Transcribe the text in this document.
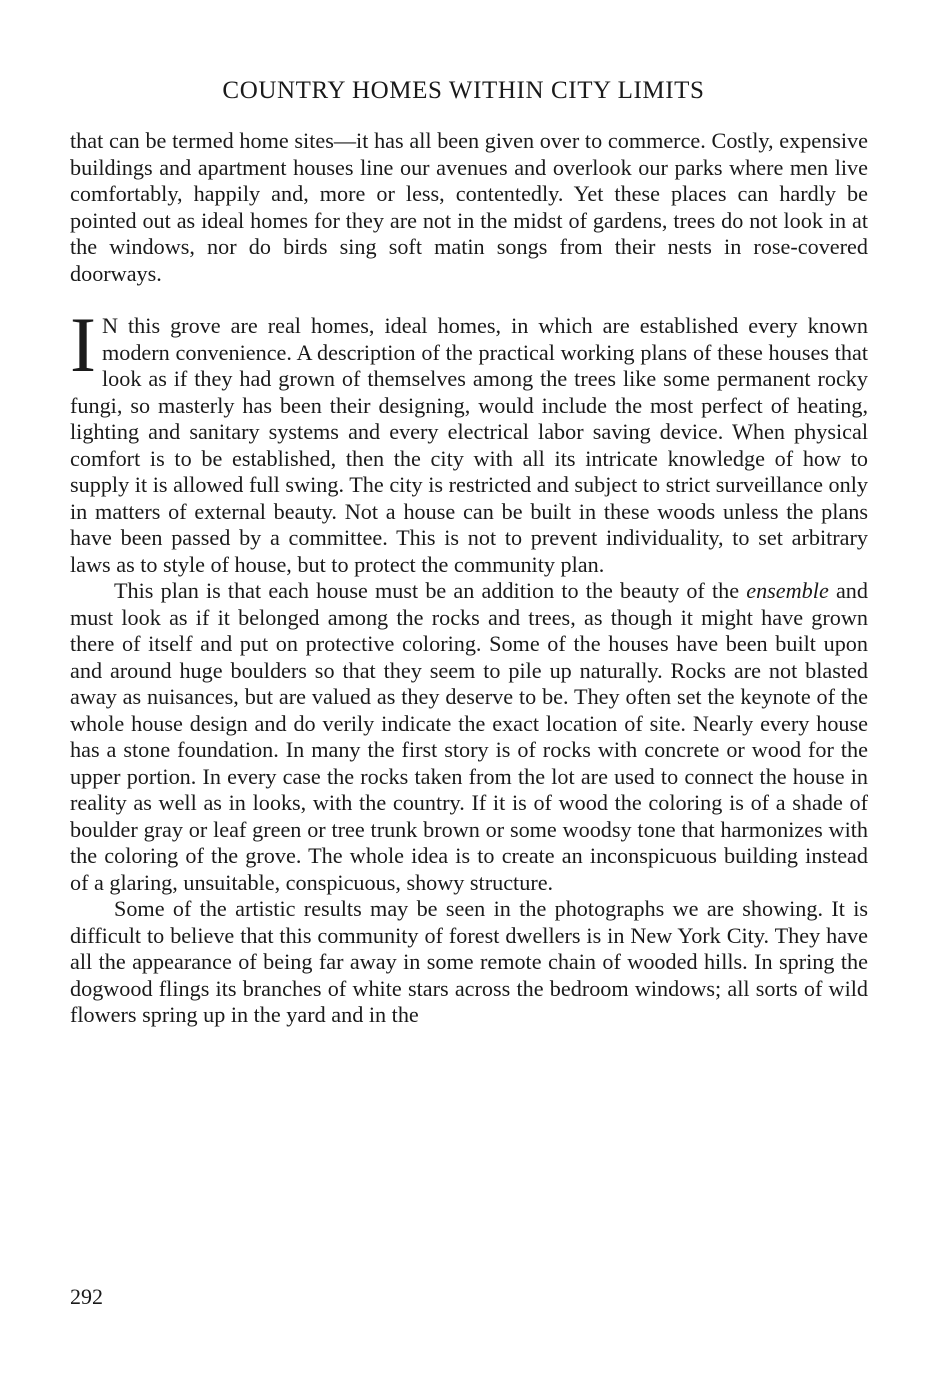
COUNTRY HOMES WITHIN CITY LIMITS

that can be termed home sites—it has all been given over to commerce. Costly, expensive buildings and apartment houses line our avenues and overlook our parks where men live comfortably, happily and, more or less, contentedly. Yet these places can hardly be pointed out as ideal homes for they are not in the midst of gardens, trees do not look in at the windows, nor do birds sing soft matin songs from their nests in rose-covered doorways.

I N this grove are real homes, ideal homes, in which are established every known modern convenience. A description of the practical working plans of these houses that look as if they had grown of themselves among the trees like some permanent rocky fungi, so masterly has been their designing, would include the most perfect of heating, lighting and sanitary systems and every electrical labor saving device. When physical comfort is to be established, then the city with all its intricate knowledge of how to supply it is allowed full swing. The city is restricted and subject to strict surveillance only in matters of external beauty. Not a house can be built in these woods unless the plans have been passed by a committee. This is not to prevent individuality, to set arbitrary laws as to style of house, but to protect the community plan.

This plan is that each house must be an addition to the beauty of the ensemble and must look as if it belonged among the rocks and trees, as though it might have grown there of itself and put on protective coloring. Some of the houses have been built upon and around huge boulders so that they seem to pile up naturally. Rocks are not blasted away as nuisances, but are valued as they deserve to be. They often set the keynote of the whole house design and do verily indicate the exact location of site. Nearly every house has a stone foundation. In many the first story is of rocks with concrete or wood for the upper portion. In every case the rocks taken from the lot are used to connect the house in reality as well as in looks, with the country. If it is of wood the coloring is of a shade of boulder gray or leaf green or tree trunk brown or some woodsy tone that harmonizes with the coloring of the grove. The whole idea is to create an inconspicuous building instead of a glaring, unsuitable, conspicuous, showy structure.

Some of the artistic results may be seen in the photographs we are showing. It is difficult to believe that this community of forest dwellers is in New York City. They have all the appearance of being far away in some remote chain of wooded hills. In spring the dogwood flings its branches of white stars across the bedroom windows; all sorts of wild flowers spring up in the yard and in the

292
